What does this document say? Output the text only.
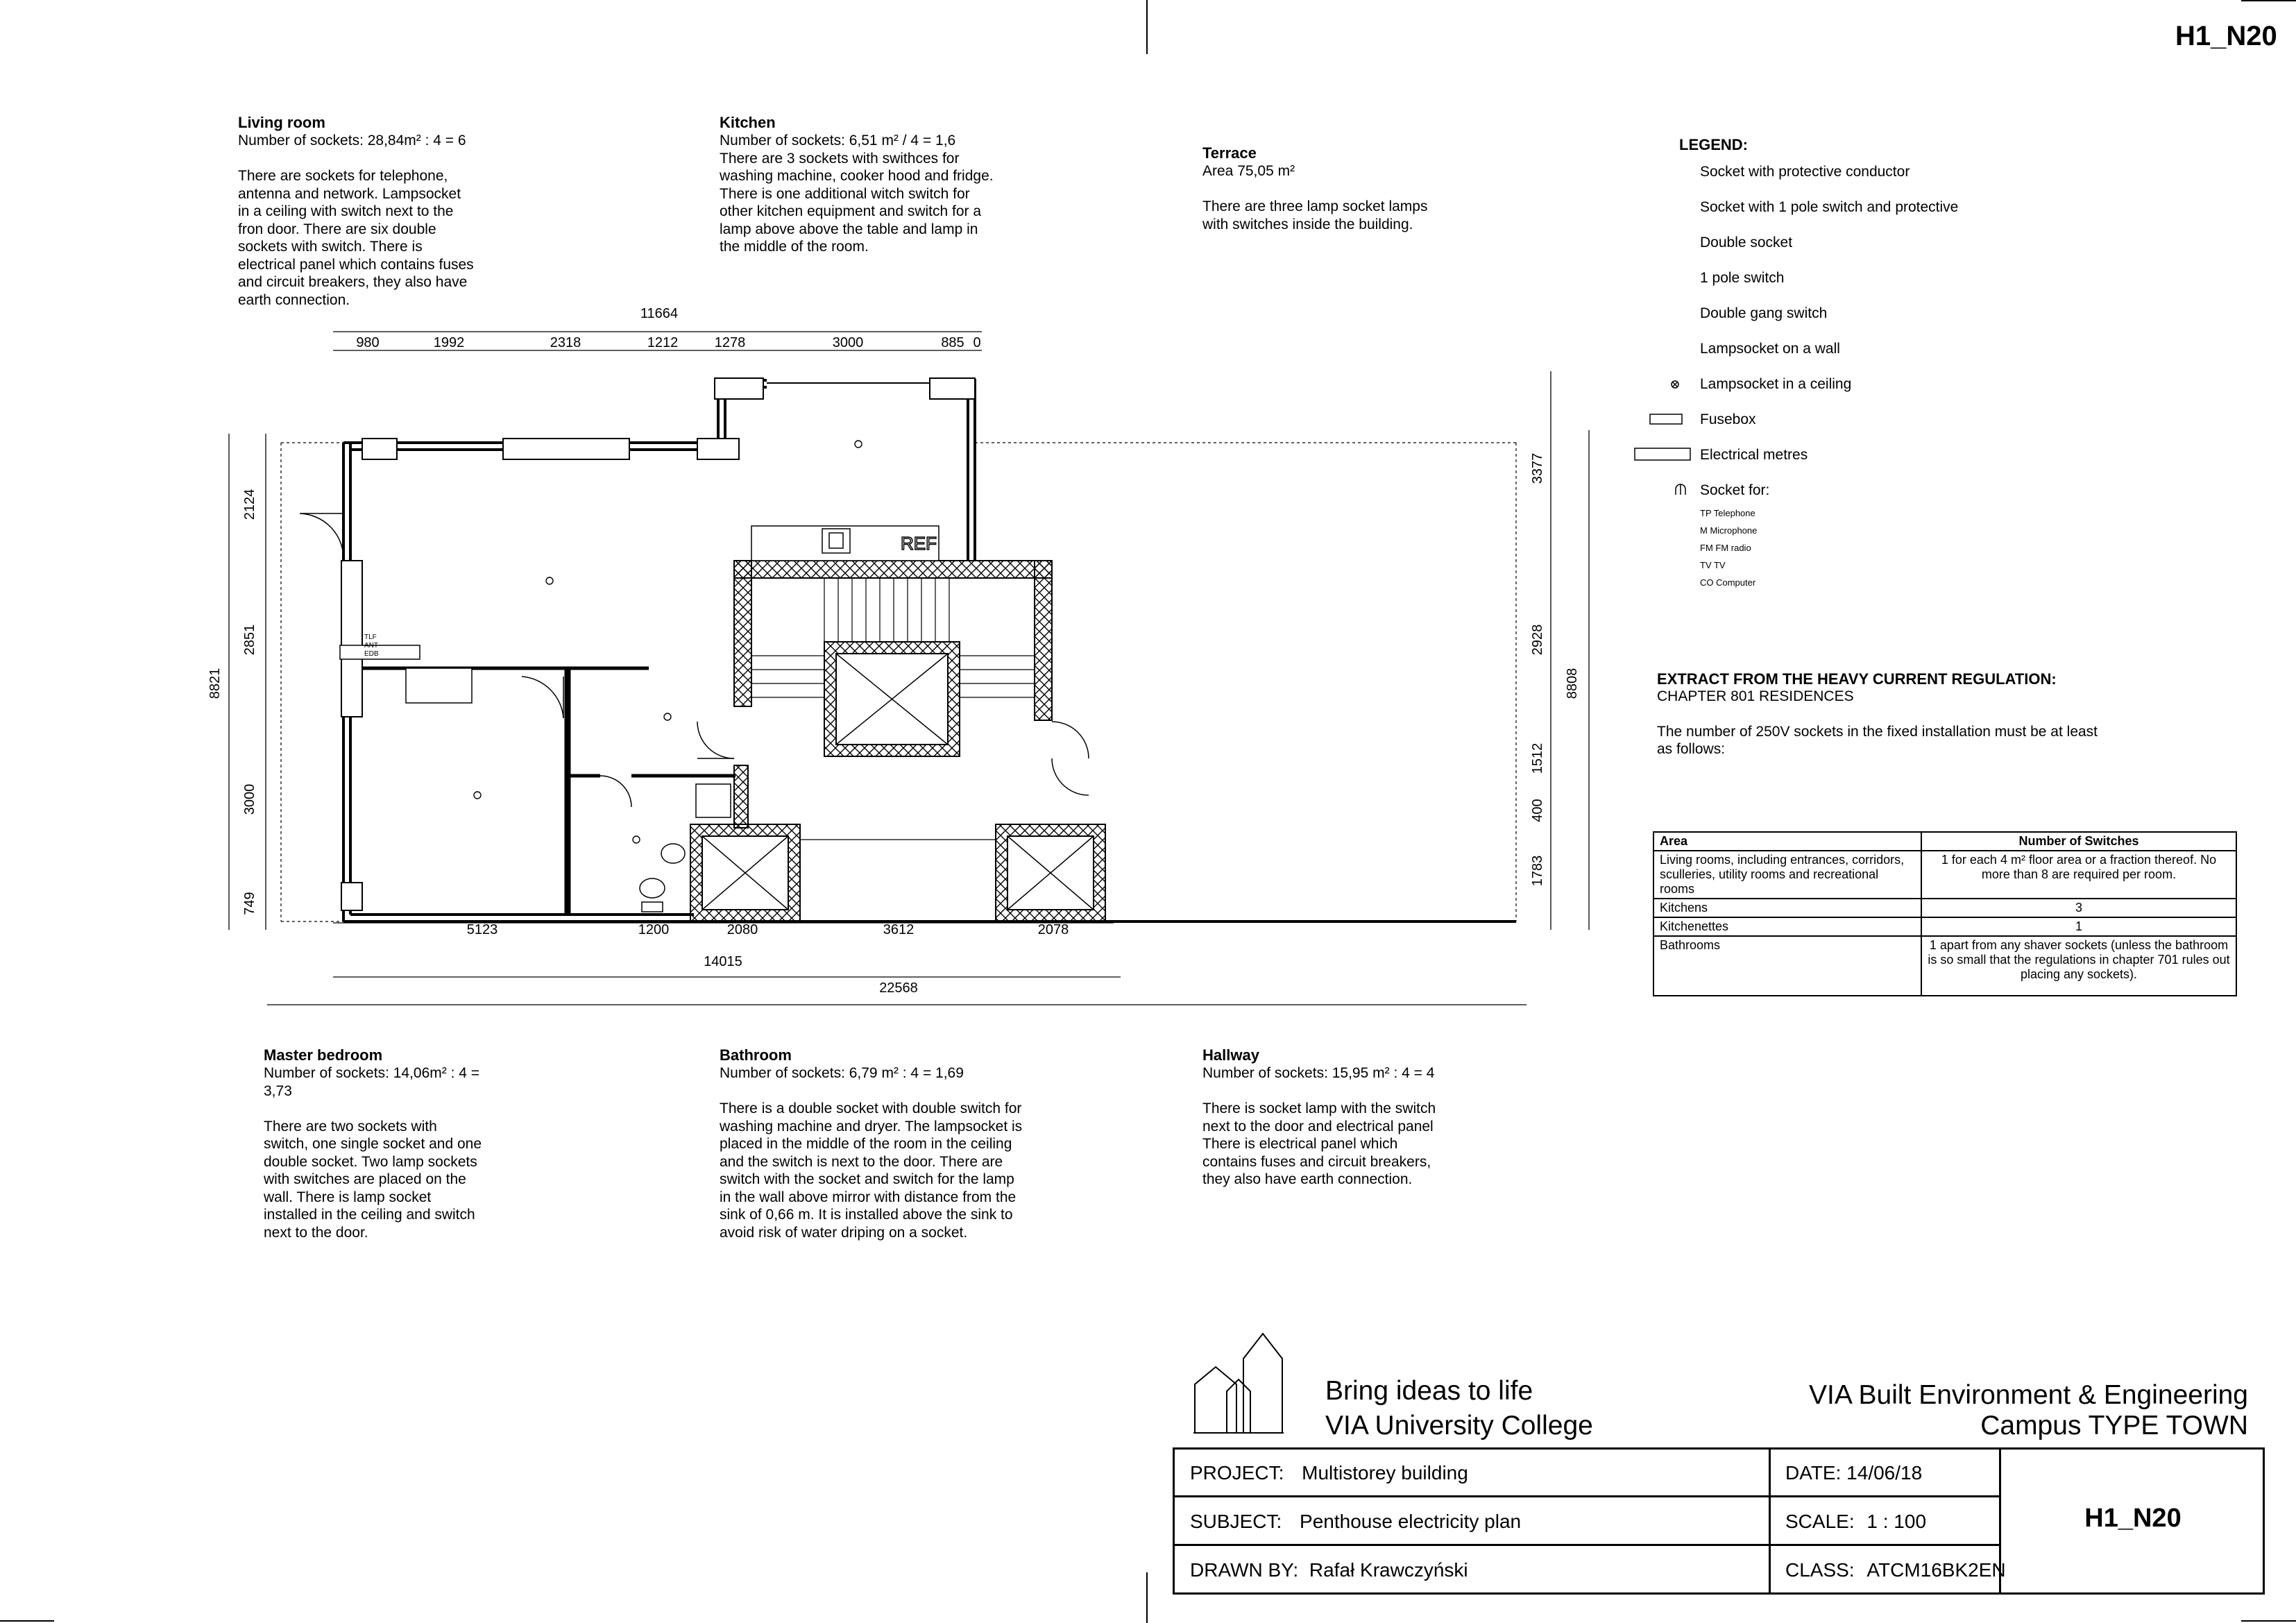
H1_N20
Living room
Number of sockets: 28,84m² : 4 = 6

There are sockets for telephone,
antenna and network. Lampsocket
in a ceiling with switch next to the
fron door. There are six double
sockets with switch. There is
electrical panel which contains fuses
and circuit breakers, they also have
earth connection.
Kitchen
Number of sockets: 6,51 m² / 4 = 1,6
There are 3 sockets with swithces for
washing machine, cooker hood and fridge.
There is one additional witch switch for
other kitchen equipment and switch for a
lamp above above the table and lamp in
the middle of the room.
Terrace
Area 75,05 m²

There are three lamp socket lamps
with switches inside the building.
Master bedroom
Number of sockets: 14,06m² : 4 =
3,73

There are two sockets with
switch, one single socket and one
double socket. Two lamp sockets
with switches are placed on the
wall. There is lamp socket
installed in the ceiling and switch
next to the door.
Bathroom
Number of sockets: 6,79 m² : 4 = 1,69

There is a double socket with double switch for
washing machine and dryer. The lampsocket is
placed in the middle of the room in the ceiling
and the switch is next to the door. There are
switch with the socket and switch for the lamp
in the wall above mirror with distance from the
sink of 0,66 m. It is installed above the sink to
avoid risk of water driping on a socket.
Hallway
Number of sockets: 15,95 m² : 4 = 4

There is socket lamp with the switch
next to the door and electrical panel
There is electrical panel which
contains fuses and circuit breakers,
they also have earth connection.
LEGEND:
Socket with protective conductor
Socket with 1 pole switch and protective
Double socket
1 pole switch
Double gang switch
Lampsocket on a wall
Lampsocket in a ceiling
Fusebox
Electrical metres
Socket for:
TP Telephone
M Microphone
FM FM radio
TV TV
CO Computer
EXTRACT FROM THE HEAVY CURRENT REGULATION:
CHAPTER 801 RESIDENCES
The number of 250V sockets in the fixed installation must be at least
as follows:
Area	Number of Switches
Living rooms, including entrances, corridors, sculleries, utility rooms and recreational rooms	1 for each 4 m² floor area or a fraction thereof. No more than 8 are required per room.
Kitchens	3
Kitchenettes	1
Bathrooms	1 apart from any shaver sockets (unless the bathroom is so small that the regulations in chapter 701 rules out placing any sockets).
REF
11664
980	1992	2318	1212	1278	3000	885 0
2124
2851
3000
749
8821
3377
2928
1512
400
1783
8808
5123	1200	2080	3612	2078
14015
22568
TLF
ANT
EDB
Bring ideas to life
VIA University College
VIA Built Environment & Engineering
Campus TYPE TOWN
PROJECT: Multistorey building
SUBJECT: Penthouse electricity plan
DRAWN BY: Rafał Krawczyński
DATE: 14/06/18
SCALE: 1 : 100
CLASS: ATCM16BK2EN
H1_N20
